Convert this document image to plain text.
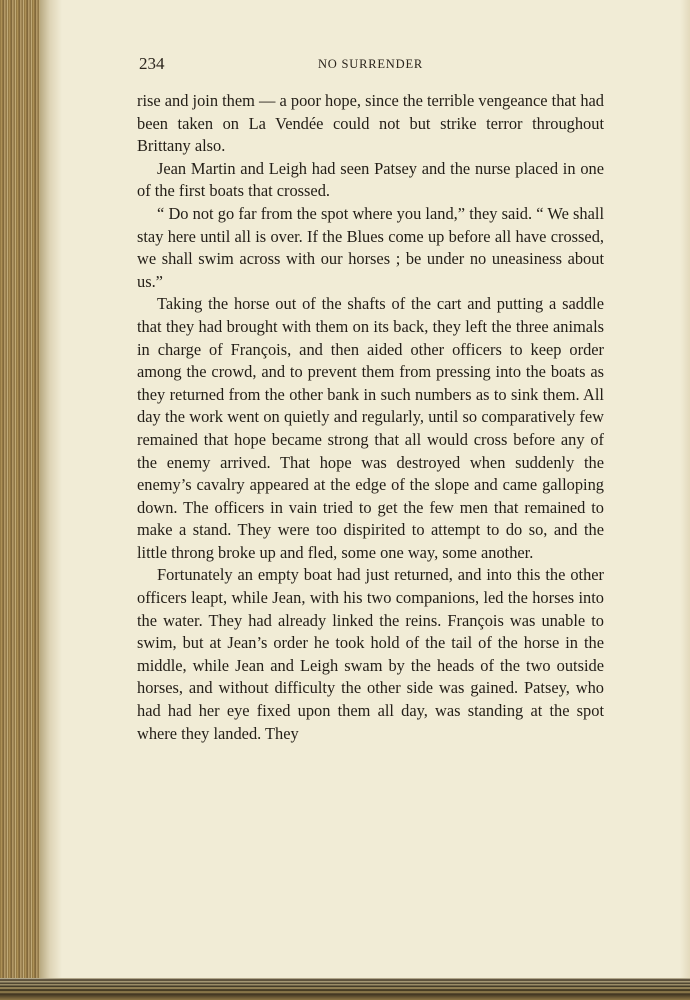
234	NO SURRENDER

rise and join them — a poor hope, since the terrible vengeance that had been taken on La Vendée could not but strike terror throughout Brittany also.

Jean Martin and Leigh had seen Patsey and the nurse placed in one of the first boats that crossed.

“ Do not go far from the spot where you land,” they said. “ We shall stay here until all is over. If the Blues come up before all have crossed, we shall swim across with our horses ; be under no uneasiness about us.”

Taking the horse out of the shafts of the cart and putting a saddle that they had brought with them on its back, they left the three animals in charge of François, and then aided other officers to keep order among the crowd, and to prevent them from pressing into the boats as they returned from the other bank in such numbers as to sink them. All day the work went on quietly and regularly, until so comparatively few remained that hope became strong that all would cross before any of the enemy arrived. That hope was destroyed when suddenly the enemy’s cavalry appeared at the edge of the slope and came galloping down. The officers in vain tried to get the few men that remained to make a stand. They were too dispirited to attempt to do so, and the little throng broke up and fled, some one way, some another.

Fortunately an empty boat had just returned, and into this the other officers leapt, while Jean, with his two companions, led the horses into the water. They had already linked the reins. François was unable to swim, but at Jean’s order he took hold of the tail of the horse in the middle, while Jean and Leigh swam by the heads of the two outside horses, and without difficulty the other side was gained. Patsey, who had had her eye fixed upon them all day, was standing at the spot where they landed. They
